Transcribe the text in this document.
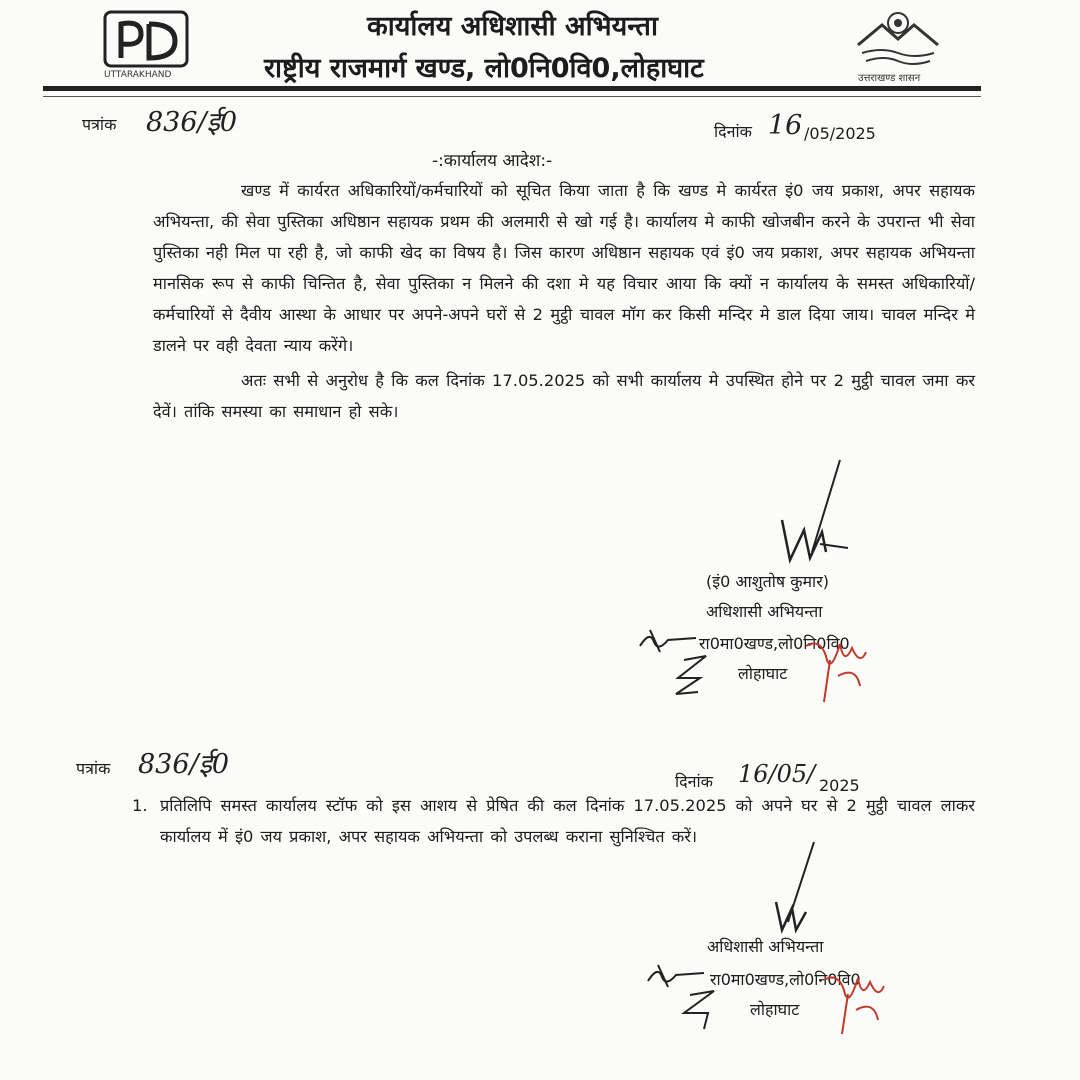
UTTARAKHAND
कार्यालय अधिशासी अभियन्ता
राष्ट्रीय राजमार्ग खण्ड, लो0नि0वि0,लोहाघाट	उत्तराखण्ड शासन
पत्रांक 836/ई0	दिनांक 16 /05/2025
-:कार्यालय आदेश:-

खण्ड में कार्यरत अधिकारियों/कर्मचारियों को सूचित किया जाता है कि खण्ड मे कार्यरत इं0 जय प्रकाश, अपर सहायक अभियन्ता, की सेवा पुस्तिका अधिष्ठान सहायक प्रथम की अलमारी से खो गई है। कार्यालय मे काफी खोजबीन करने के उपरान्त भी सेवा पुस्तिका नही मिल पा रही है, जो काफी खेद का विषय है। जिस कारण अधिष्ठान सहायक एवं इं0 जय प्रकाश, अपर सहायक अभियन्ता मानसिक रूप से काफी चिन्तित है, सेवा पुस्तिका न मिलने की दशा मे यह विचार आया कि क्यों न कार्यालय के समस्त अधिकारियों/कर्मचारियों से दैवीय आस्था के आधार पर अपने-अपने घरों से 2 मुट्ठी चावल मॉग कर किसी मन्दिर मे डाल दिया जाय। चावल मन्दिर मे डालने पर वही देवता न्याय करेंगे।

अतः सभी से अनुरोध है कि कल दिनांक 17.05.2025 को सभी कार्यालय मे उपस्थित होने पर 2 मुट्ठी चावल जमा कर देवें। तांकि समस्या का समाधान हो सके।

(इं0 आशुतोष कुमार)
अधिशासी अभियन्ता
रा0मा0खण्ड,लो0नि0वि0
लोहाघाट
पत्रांक 836/ई0
दिनांक 16/05/ 2025
1. प्रतिलिपि समस्त कार्यालय स्टॉफ को इस आशय से प्रेषित की कल दिनांक 17.05.2025 को अपने घर से 2 मुट्ठी चावल लाकर कार्यालय में इं0 जय प्रकाश, अपर सहायक अभियन्ता को उपलब्ध कराना सुनिश्चित करें।
अधिशासी अभियन्ता
रा0मा0खण्ड,लो0नि0वि0
लोहाघाट
